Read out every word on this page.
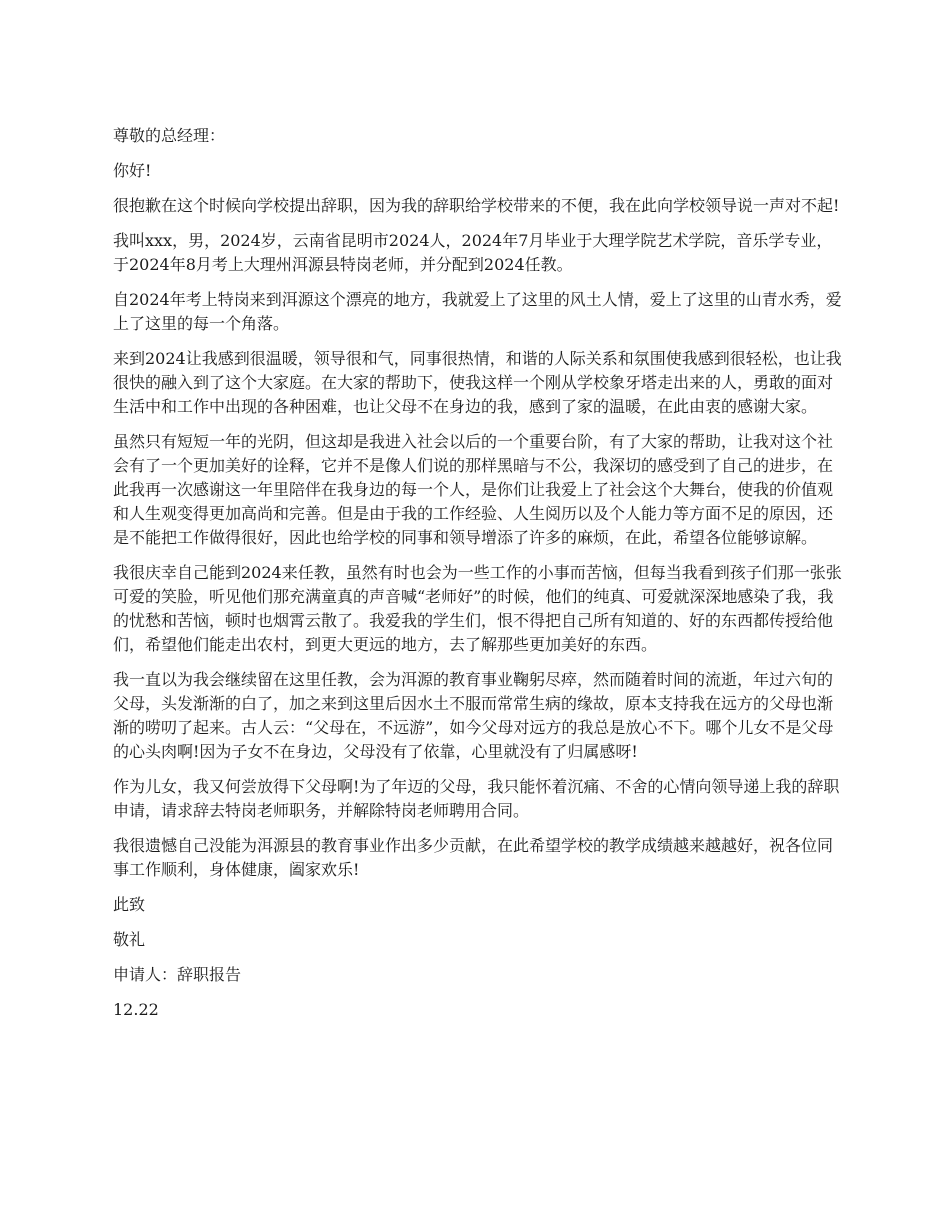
尊敬的总经理：

你好!

很抱歉在这个时候向学校提出辞职，因为我的辞职给学校带来的不便，我在此向学校领导说一声对不起!

我叫xxx，男，2024岁，云南省昆明市2024人，2024年7月毕业于大理学院艺术学院，音乐学专业，于2024年8月考上大理州洱源县特岗老师，并分配到2024任教。

自2024年考上特岗来到洱源这个漂亮的地方，我就爱上了这里的风土人情，爱上了这里的山青水秀，爱上了这里的每一个角落。

来到2024让我感到很温暖，领导很和气，同事很热情，和谐的人际关系和氛围使我感到很轻松，也让我很快的融入到了这个大家庭。在大家的帮助下，使我这样一个刚从学校象牙塔走出来的人，勇敢的面对生活中和工作中出现的各种困难，也让父母不在身边的我，感到了家的温暖，在此由衷的感谢大家。

虽然只有短短一年的光阴，但这却是我进入社会以后的一个重要台阶，有了大家的帮助，让我对这个社会有了一个更加美好的诠释，它并不是像人们说的那样黑暗与不公，我深切的感受到了自己的进步，在此我再一次感谢这一年里陪伴在我身边的每一个人，是你们让我爱上了社会这个大舞台，使我的价值观和人生观变得更加高尚和完善。但是由于我的工作经验、人生阅历以及个人能力等方面不足的原因，还是不能把工作做得很好，因此也给学校的同事和领导增添了许多的麻烦，在此，希望各位能够谅解。

我很庆幸自己能到2024来任教，虽然有时也会为一些工作的小事而苦恼，但每当我看到孩子们那一张张可爱的笑脸，听见他们那充满童真的声音喊“老师好”的时候，他们的纯真、可爱就深深地感染了我，我的忧愁和苦恼，顿时也烟霄云散了。我爱我的学生们，恨不得把自己所有知道的、好的东西都传授给他们，希望他们能走出农村，到更大更远的地方，去了解那些更加美好的东西。

我一直以为我会继续留在这里任教，会为洱源的教育事业鞠躬尽瘁，然而随着时间的流逝，年过六旬的父母，头发渐渐的白了，加之来到这里后因水土不服而常常生病的缘故，原本支持我在远方的父母也渐渐的唠叨了起来。古人云：“父母在，不远游”，如今父母对远方的我总是放心不下。哪个儿女不是父母的心头肉啊!因为子女不在身边，父母没有了依靠，心里就没有了归属感呀!

作为儿女，我又何尝放得下父母啊!为了年迈的父母，我只能怀着沉痛、不舍的心情向领导递上我的辞职申请，请求辞去特岗老师职务，并解除特岗老师聘用合同。

我很遗憾自己没能为洱源县的教育事业作出多少贡献，在此希望学校的教学成绩越来越越好，祝各位同事工作顺利，身体健康，阖家欢乐!

此致

敬礼

申请人：辞职报告

12.22
